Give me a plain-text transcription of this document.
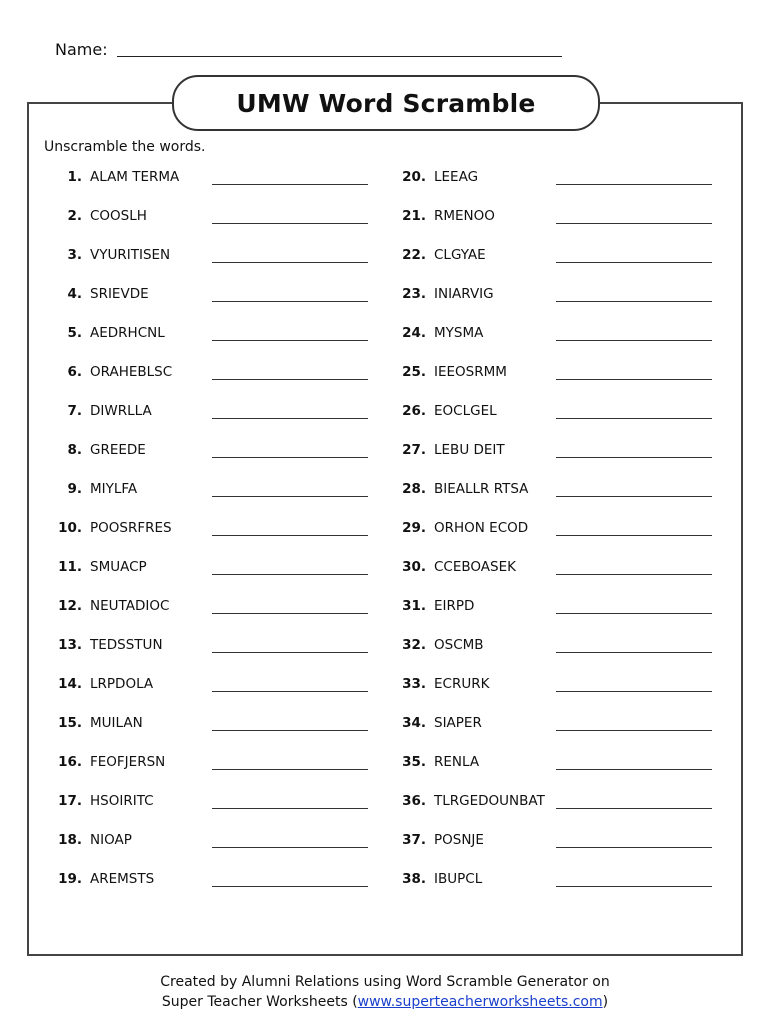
Name:
UMW Word Scramble
Unscramble the words.
1. ALAM TERMA
2. COOSLH
3. VYURITISEN
4. SRIEVDE
5. AEDRHCNL
6. ORAHEBLSC
7. DIWRLLA
8. GREEDE
9. MIYLFA
10. POOSRFRES
11. SMUACP
12. NEUTADIOC
13. TEDSSTUN
14. LRPDOLA
15. MUILAN
16. FEOFJERSN
17. HSOIRITC
18. NIOAP
19. AREMSTS
20. LEEAG
21. RMENOO
22. CLGYAE
23. INIARVIG
24. MYSMA
25. IEEOSRMM
26. EOCLGEL
27. LEBU DEIT
28. BIEALLR RTSA
29. ORHON ECOD
30. CCEBOASEK
31. EIRPD
32. OSCMB
33. ECRURK
34. SIAPER
35. RENLA
36. TLRGEDOUNBAT
37. POSNJE
38. IBUPCL
Created by Alumni Relations using Word Scramble Generator on
Super Teacher Worksheets (www.superteacherworksheets.com)
